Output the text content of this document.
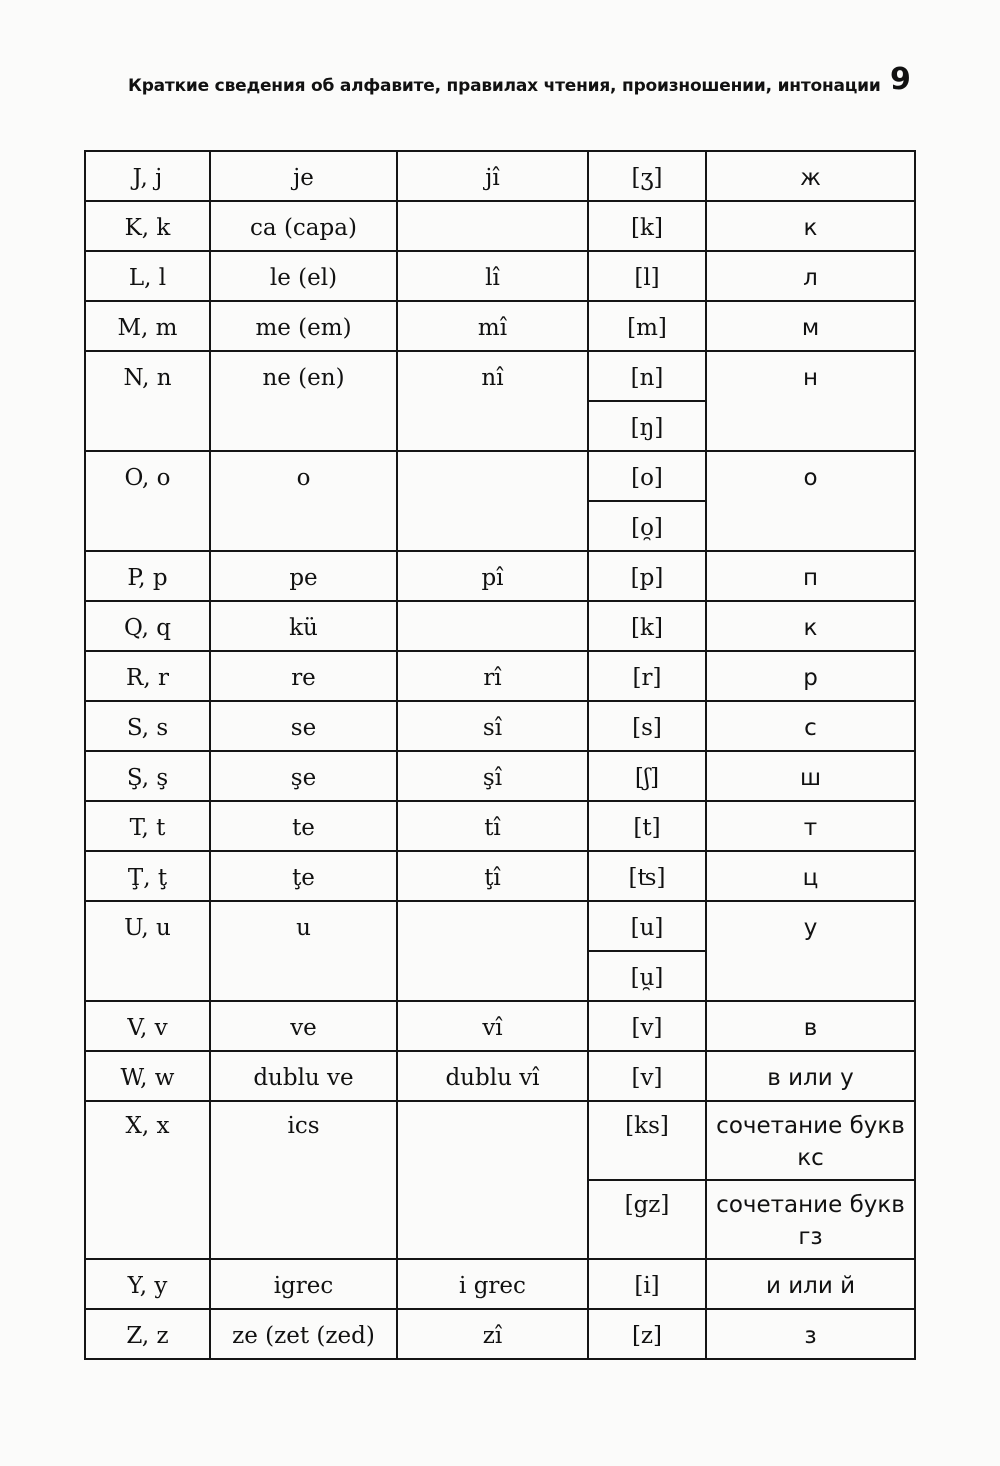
Краткие сведения об алфавите, правилах чтения, произношении, интонации 9
J, j	je	jî	[ʒ]	ж
K, k	ca (capa)		[k]	к
L, l	le (el)	lî	[l]	л
M, m	me (em)	mî	[m]	м
N, n	ne (en)	nî	[n]	н
			[ŋ]	
O, o	o		[o]	о
			[o̯]	
P, p	pe	pî	[p]	п
Q, q	kü		[k]	к
R, r	re	rî	[r]	р
S, s	se	sî	[s]	с
Ş, ş	şe	şî	[ʃ]	ш
T, t	te	tî	[t]	т
Ţ, ţ	ţe	ţî	[ʦ]	ц
U, u	u		[u]	у
			[u̯]	
V, v	ve	vî	[v]	в
W, w	dublu ve	dublu vî	[v]	в или у
X, x	ics		[ks]	сочетание букв кс
			[gz]	сочетание букв гз
Y, y	igrec	i grec	[i]	и или й
Z, z	ze (zet (zed)	zî	[z]	з
